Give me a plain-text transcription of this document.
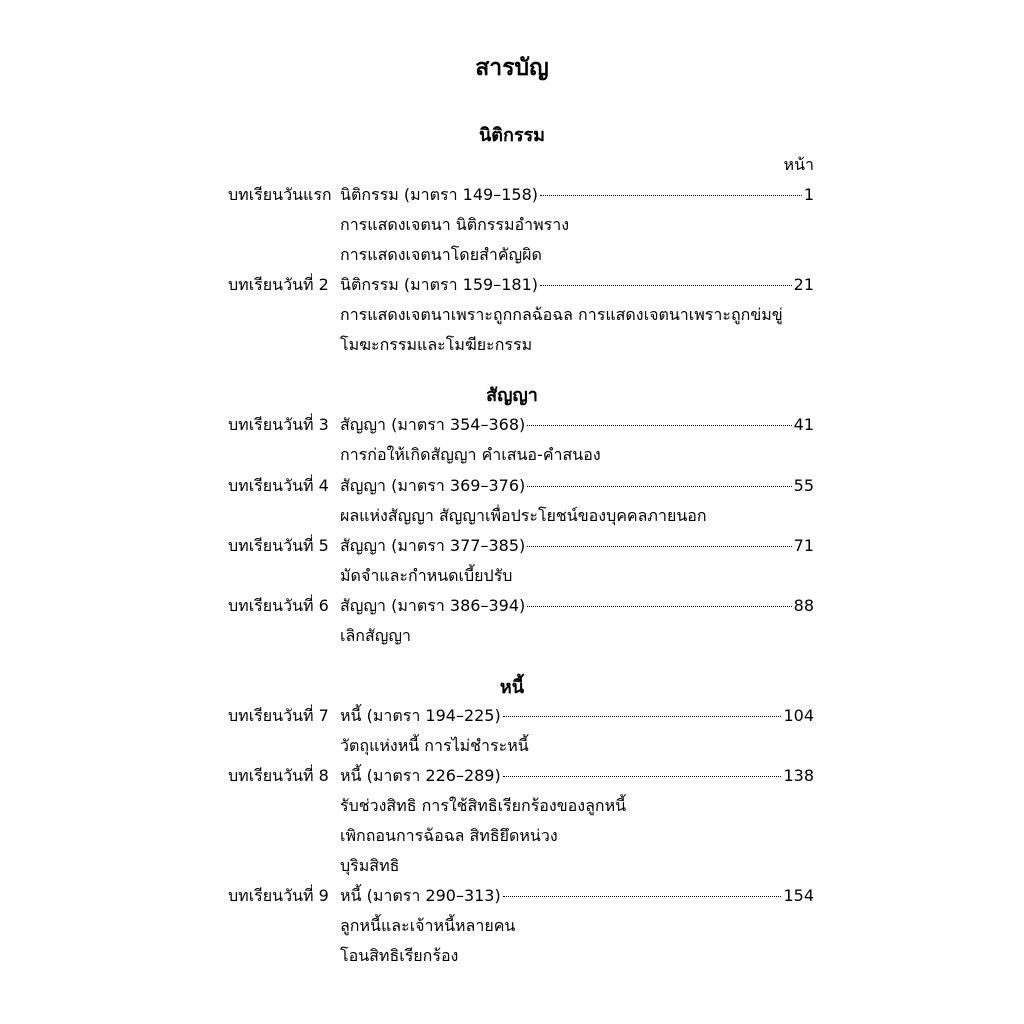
สารบัญ
นิติกรรม
หน้า
บทเรียนวันแรก นิติกรรม (มาตรา 149–158)	1
การแสดงเจตนา นิติกรรมอำพราง
การแสดงเจตนาโดยสำคัญผิด
บทเรียนวันที่ 2 นิติกรรม (มาตรา 159–181)	21
การแสดงเจตนาเพราะถูกกลฉ้อฉล การแสดงเจตนาเพราะถูกข่มขู่
โมฆะกรรมและโมฆียะกรรม
สัญญา
บทเรียนวันที่ 3 สัญญา (มาตรา 354–368)	41
การก่อให้เกิดสัญญา คำเสนอ-คำสนอง
บทเรียนวันที่ 4 สัญญา (มาตรา 369–376)	55
ผลแห่งสัญญา สัญญาเพื่อประโยชน์ของบุคคลภายนอก
บทเรียนวันที่ 5 สัญญา (มาตรา 377–385)	71
มัดจำและกำหนดเบี้ยปรับ
บทเรียนวันที่ 6 สัญญา (มาตรา 386–394)	88
เลิกสัญญา
หนี้
บทเรียนวันที่ 7 หนี้ (มาตรา 194–225)	104
วัตถุแห่งหนี้ การไม่ชำระหนี้
บทเรียนวันที่ 8 หนี้ (มาตรา 226–289)	138
รับช่วงสิทธิ การใช้สิทธิเรียกร้องของลูกหนี้
เพิกถอนการฉ้อฉล สิทธิยึดหน่วง
บุริมสิทธิ
บทเรียนวันที่ 9 หนี้ (มาตรา 290–313)	154
ลูกหนี้และเจ้าหนี้หลายคน
โอนสิทธิเรียกร้อง
